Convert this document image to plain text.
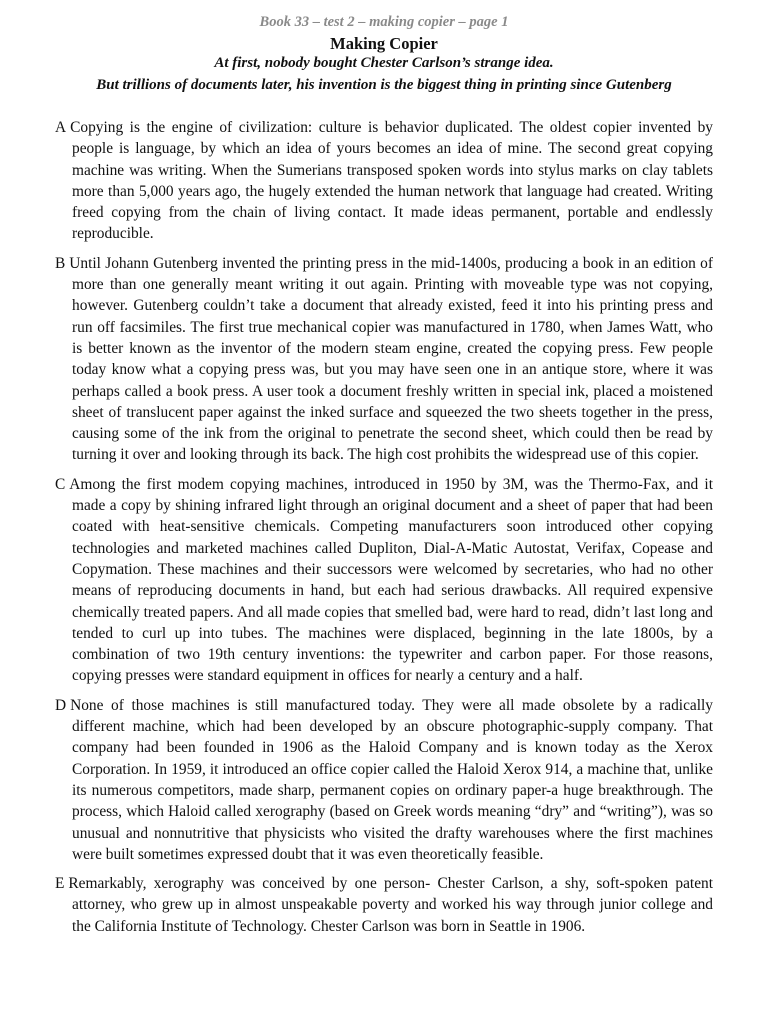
Book 33 – test 2 – making copier – page 1
Making Copier
At first, nobody bought Chester Carlson’s strange idea.
But trillions of documents later, his invention is the biggest thing in printing since Gutenberg

A Copying is the engine of civilization: culture is behavior duplicated. The oldest copier invented by people is language, by which an idea of yours becomes an idea of mine. The second great copying machine was writing. When the Sumerians transposed spoken words into stylus marks on clay tablets more than 5,000 years ago, the hugely extended the human network that language had created. Writing freed copying from the chain of living contact. It made ideas permanent, portable and endlessly reproducible.

B Until Johann Gutenberg invented the printing press in the mid-1400s, producing a book in an edition of more than one generally meant writing it out again. Printing with moveable type was not copying, however. Gutenberg couldn’t take a document that already existed, feed it into his printing press and run off facsimiles. The first true mechanical copier was manufactured in 1780, when James Watt, who is better known as the inventor of the modern steam engine, created the copying press. Few people today know what a copying press was, but you may have seen one in an antique store, where it was perhaps called a book press. A user took a document freshly written in special ink, placed a moistened sheet of translucent paper against the inked surface and squeezed the two sheets together in the press, causing some of the ink from the original to penetrate the second sheet, which could then be read by turning it over and looking through its back. The high cost prohibits the widespread use of this copier.

C Among the first modem copying machines, introduced in 1950 by 3M, was the Thermo-Fax, and it made a copy by shining infrared light through an original document and a sheet of paper that had been coated with heat-sensitive chemicals. Competing manufacturers soon introduced other copying technologies and marketed machines called Dupliton, Dial-A-Matic Autostat, Verifax, Copease and Copymation. These machines and their successors were welcomed by secretaries, who had no other means of reproducing documents in hand, but each had serious drawbacks. All required expensive chemically treated papers. And all made copies that smelled bad, were hard to read, didn’t last long and tended to curl up into tubes. The machines were displaced, beginning in the late 1800s, by a combination of two 19th century inventions: the typewriter and carbon paper. For those reasons, copying presses were standard equipment in offices for nearly a century and a half.

D None of those machines is still manufactured today. They were all made obsolete by a radically different machine, which had been developed by an obscure photographic-supply company. That company had been founded in 1906 as the Haloid Company and is known today as the Xerox Corporation. In 1959, it introduced an office copier called the Haloid Xerox 914, a machine that, unlike its numerous competitors, made sharp, permanent copies on ordinary paper-a huge breakthrough. The process, which Haloid called xerography (based on Greek words meaning “dry” and “writing”), was so unusual and nonnutritive that physicists who visited the drafty warehouses where the first machines were built sometimes expressed doubt that it was even theoretically feasible.

E Remarkably, xerography was conceived by one person- Chester Carlson, a shy, soft-spoken patent attorney, who grew up in almost unspeakable poverty and worked his way through junior college and the California Institute of Technology. Chester Carlson was born in Seattle in 1906.
